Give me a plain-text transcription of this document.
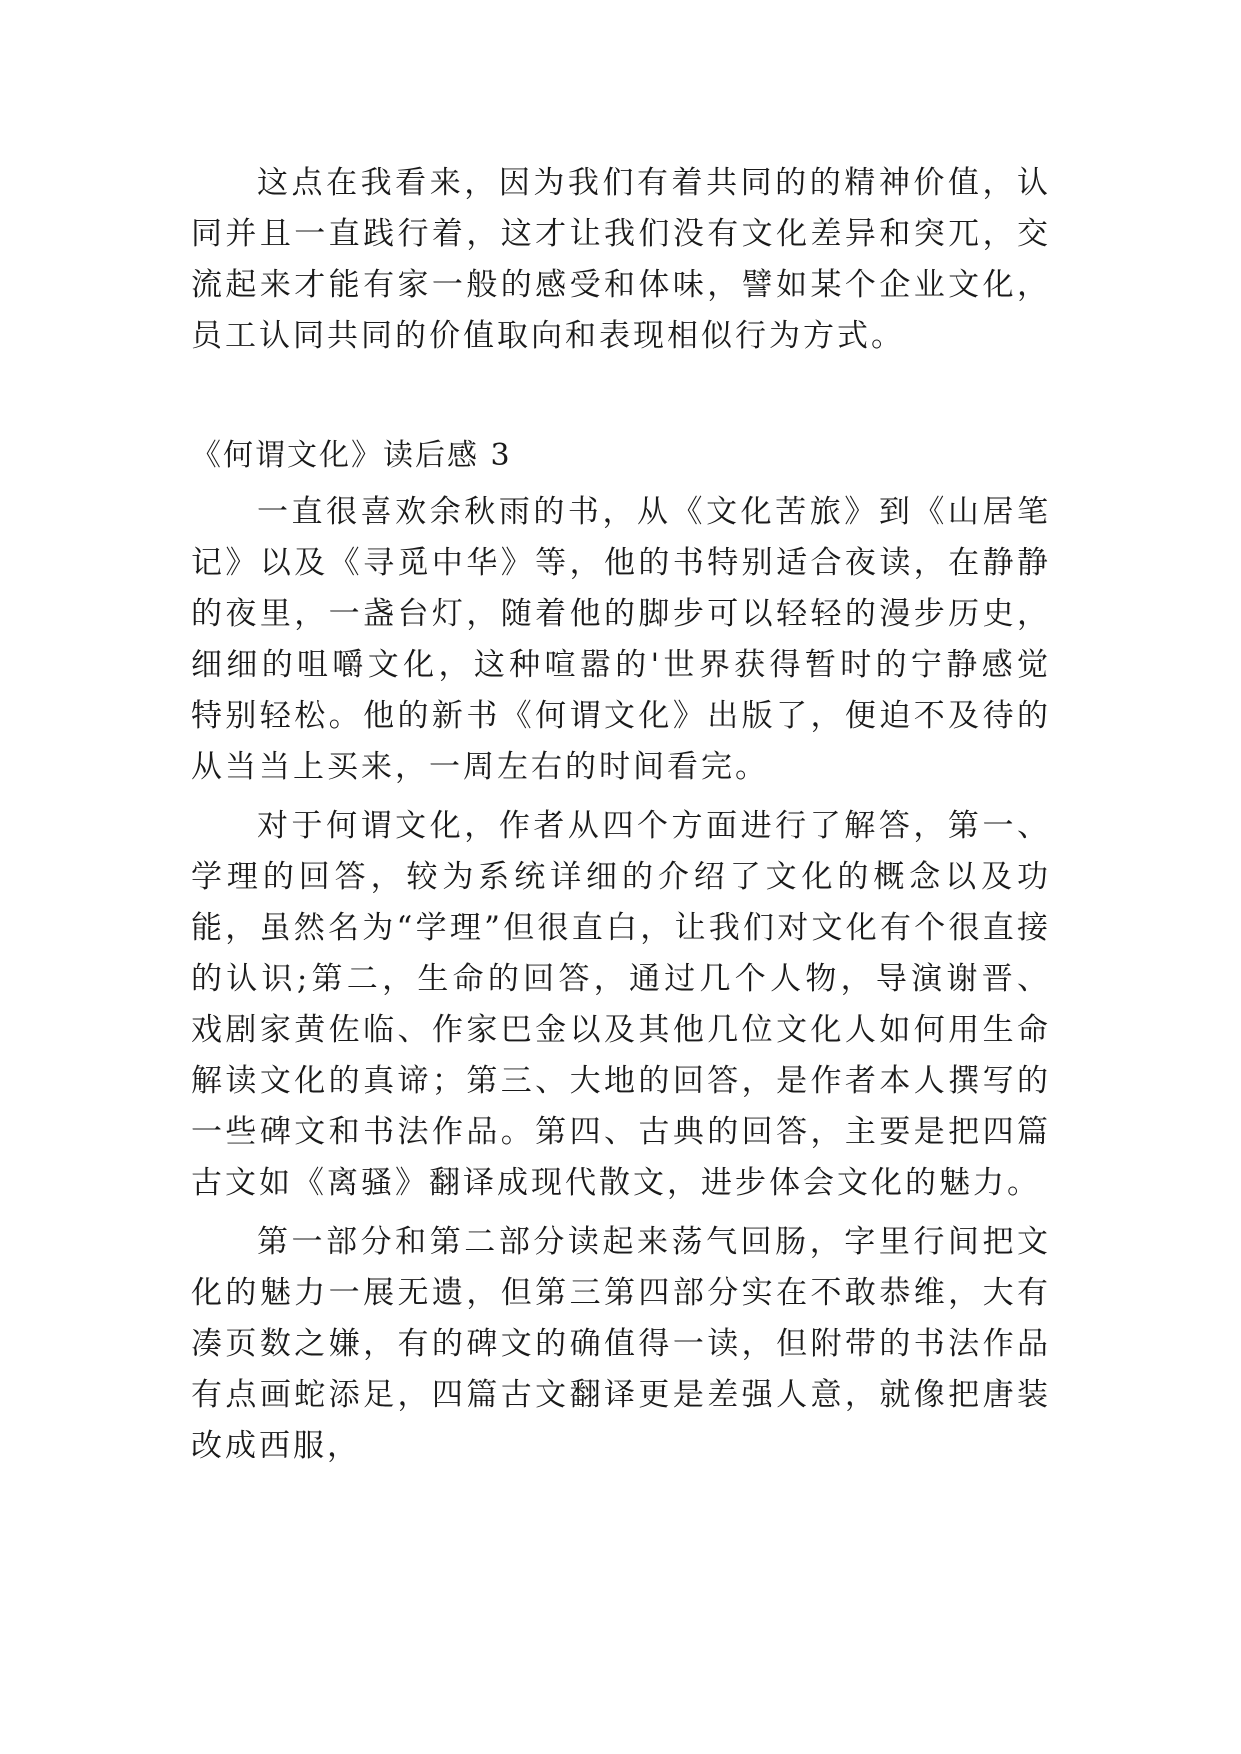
这点在我看来，因为我们有着共同的的精神价值，认同并且一直践行着，这才让我们没有文化差异和突兀，交流起来才能有家一般的感受和体味，譬如某个企业文化，员工认同共同的价值取向和表现相似行为方式。

《何谓文化》读后感 3

一直很喜欢余秋雨的书，从《文化苦旅》到《山居笔记》以及《寻觅中华》等，他的书特别适合夜读，在静静的夜里，一盏台灯，随着他的脚步可以轻轻的漫步历史，细细的咀嚼文化，这种喧嚣的'世界获得暂时的宁静感觉特别轻松。他的新书《何谓文化》出版了，便迫不及待的从当当上买来，一周左右的时间看完。

对于何谓文化，作者从四个方面进行了解答，第一、学理的回答，较为系统详细的介绍了文化的概念以及功能，虽然名为“学理”但很直白，让我们对文化有个很直接的认识;第二，生命的回答，通过几个人物，导演谢晋、戏剧家黄佐临、作家巴金以及其他几位文化人如何用生命解读文化的真谛；第三、大地的回答，是作者本人撰写的一些碑文和书法作品。第四、古典的回答，主要是把四篇古文如《离骚》翻译成现代散文，进步体会文化的魅力。

第一部分和第二部分读起来荡气回肠，字里行间把文化的魅力一展无遗，但第三第四部分实在不敢恭维，大有凑页数之嫌，有的碑文的确值得一读，但附带的书法作品有点画蛇添足，四篇古文翻译更是差强人意，就像把唐装改成西服，
